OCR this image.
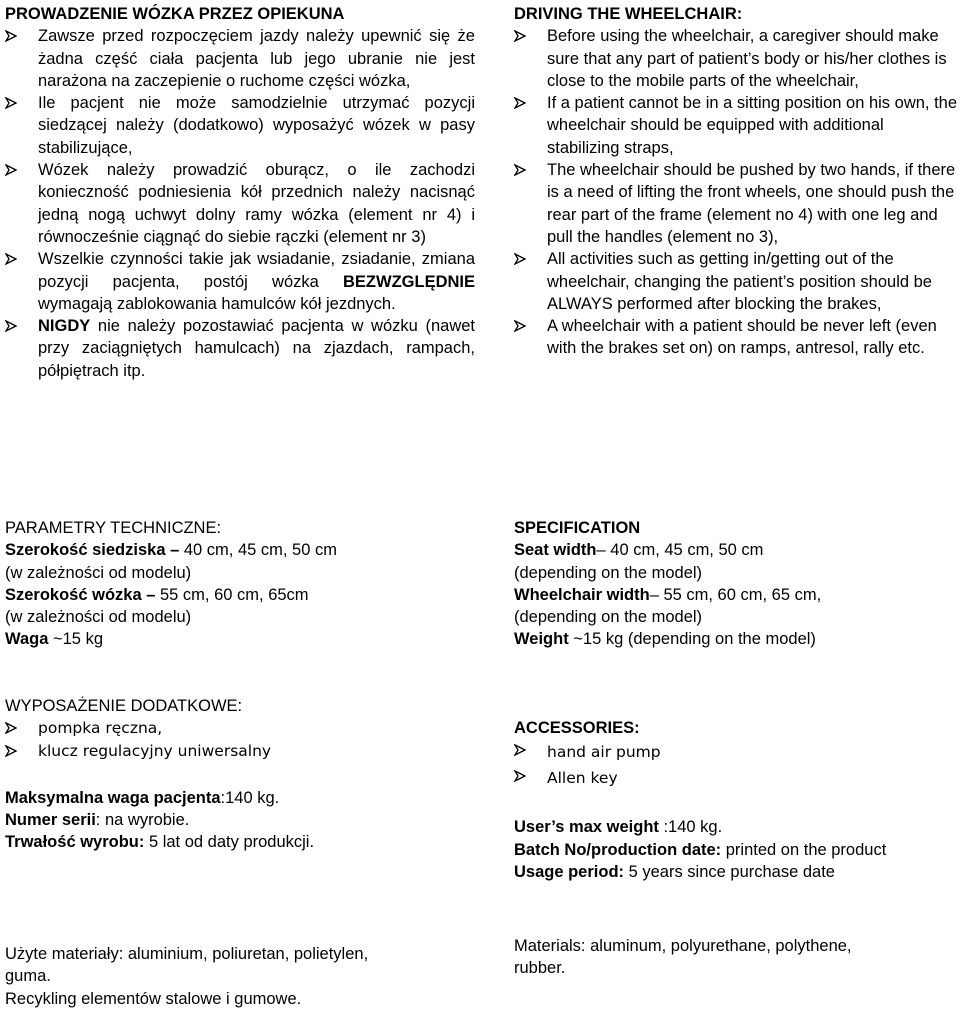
PROWADZENIE WÓZKA PRZEZ OPIEKUNA
Zawsze przed rozpoczęciem jazdy należy upewnić się że żadna część ciała pacjenta lub jego ubranie nie jest narażona na zaczepienie o ruchome części wózka,
Ile pacjent nie może samodzielnie utrzymać pozycji siedzącej należy (dodatkowo) wyposażyć wózek w pasy stabilizujące,
Wózek należy prowadzić oburącz, o ile zachodzi konieczność podniesienia kół przednich należy nacisnąć jedną nogą uchwyt dolny ramy wózka (element nr 4) i równocześnie ciągnąć do siebie rączki (element nr 3)
Wszelkie czynności takie jak wsiadanie, zsiadanie, zmiana pozycji pacjenta, postój wózka BEZWZGLĘDNIE wymagają zablokowania hamulców kół jezdnych.
NIGDY nie należy pozostawiać pacjenta w wózku (nawet przy zaciągniętych hamulcach) na zjazdach, rampach, półpiętrach itp.
DRIVING THE WHEELCHAIR:
Before using the wheelchair, a caregiver should make sure that any part of patient’s body or his/her clothes is close to the mobile parts of the wheelchair,
If a patient cannot be in a sitting position on his own, the wheelchair should be equipped with additional stabilizing straps,
The wheelchair should be pushed by two hands, if there is a need of lifting the front wheels, one should push the rear part of the frame (element no 4) with one leg and pull the handles (element no 3),
All activities such as getting in/getting out of the wheelchair, changing the patient’s position should be ALWAYS performed after blocking the brakes,
A wheelchair with a patient should be never left (even with the brakes set on) on ramps, antresol, rally etc.
PARAMETRY TECHNICZNE:
Szerokość siedziska – 40 cm, 45 cm, 50 cm
(w zależności od modelu)
Szerokość wózka – 55 cm, 60 cm, 65cm
(w zależności od modelu)
Waga ~15 kg
SPECIFICATION
Seat width– 40 cm, 45 cm, 50 cm
(depending on the model)
Wheelchair width– 55 cm, 60 cm, 65 cm,
(depending on the model)
Weight ~15 kg (depending on the model)
WYPOSAŻENIE DODATKOWE:
pompka ręczna,
klucz regulacyjny uniwersalny
Maksymalna waga pacjenta:140 kg.
Numer serii: na wyrobie.
Trwałość wyrobu: 5 lat od daty produkcji.
ACCESSORIES:
hand air pump
Allen key
User’s max weight :140 kg.
Batch No/production date: printed on the product
Usage period: 5 years since purchase date
Użyte materiały: aluminium, poliuretan, polietylen,
guma.
Recykling elementów stalowe i gumowe.
Materials: aluminum, polyurethane, polythene,
rubber.
